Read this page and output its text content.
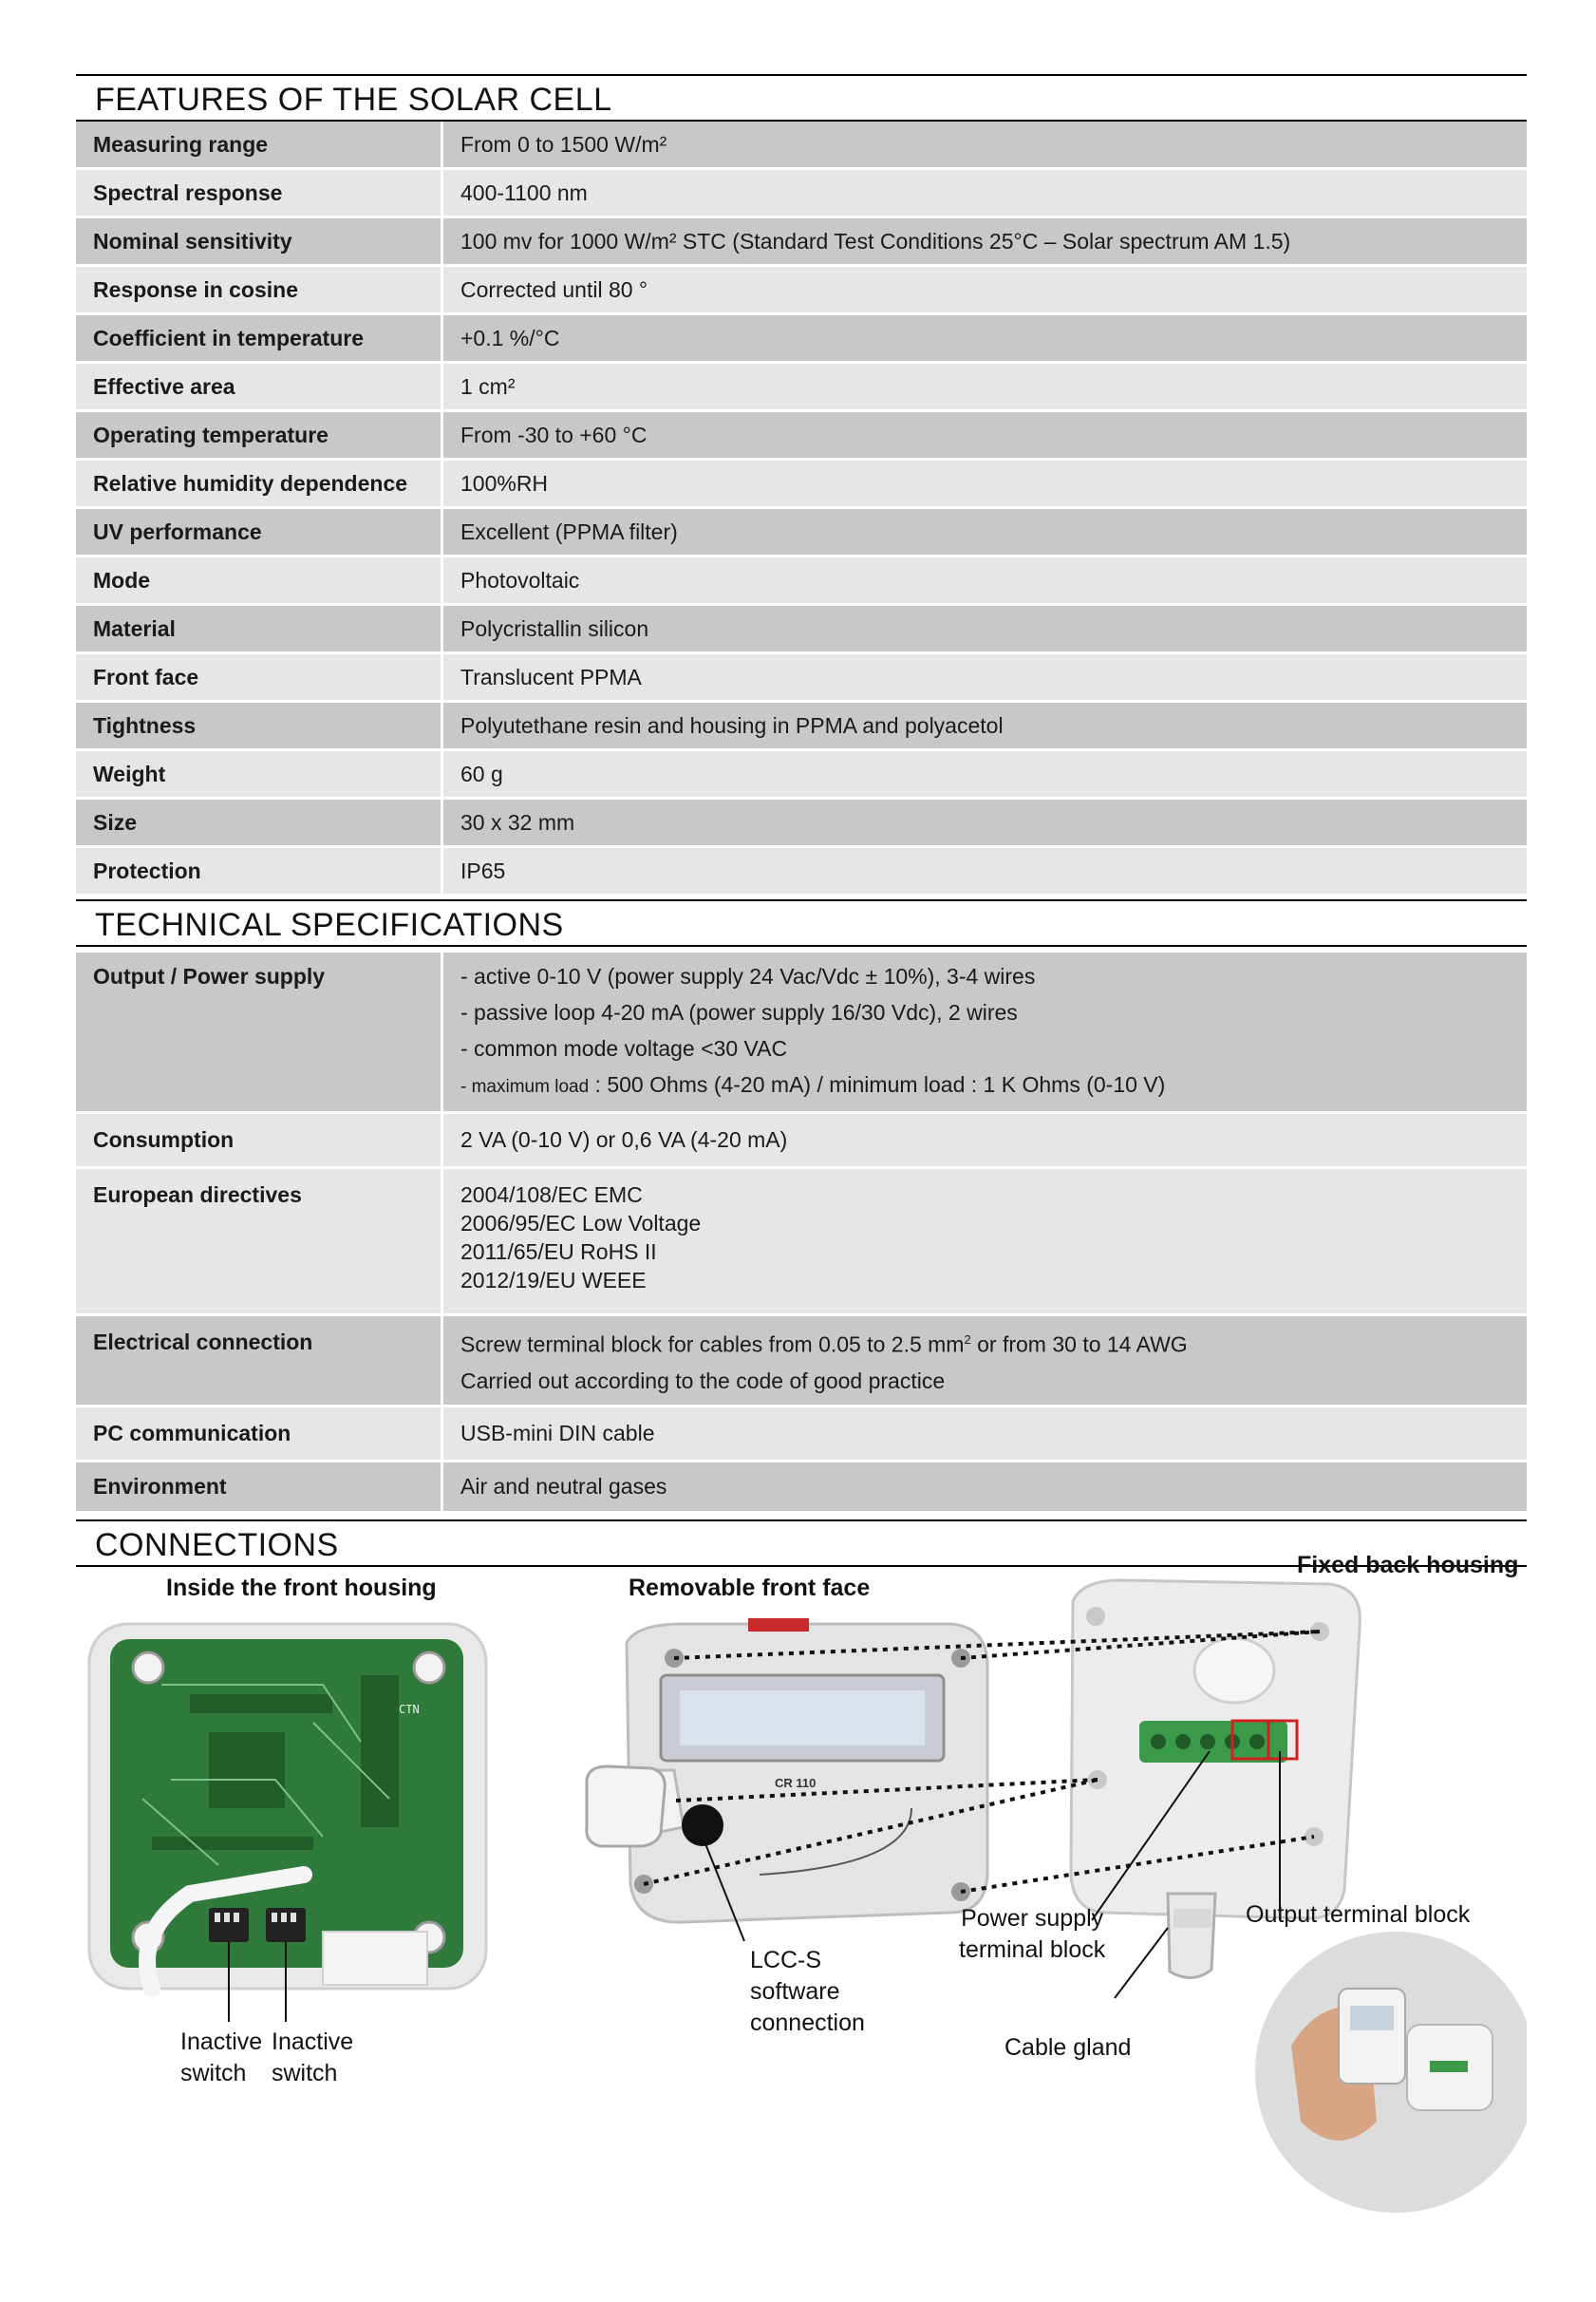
FEATURES OF THE SOLAR CELL
Measuring range	From 0 to 1500 W/m²
Spectral response	400-1100 nm
Nominal sensitivity	100 mv for 1000 W/m² STC (Standard Test Conditions 25°C – Solar spectrum AM 1.5)
Response in cosine	Corrected until 80 °
Coefficient in temperature	+0.1 %/°C
Effective area	1 cm²
Operating temperature	From -30 to +60 °C
Relative humidity dependence	100%RH
UV performance	Excellent (PPMA filter)
Mode	Photovoltaic
Material	Polycristallin silicon
Front face	Translucent PPMA
Tightness	Polyutethane resin and housing in PPMA and polyacetol
Weight	60 g
Size	30 x 32 mm
Protection	IP65
TECHNICAL SPECIFICATIONS
Output / Power supply	- active 0-10 V (power supply 24 Vac/Vdc ± 10%), 3-4 wires
- passive loop 4-20 mA (power supply 16/30 Vdc), 2 wires
- common mode voltage <30 VAC
- maximum load : 500 Ohms (4-20 mA) / minimum load : 1 K Ohms (0-10 V)

Consumption	2 VA (0-10 V) or 0,6 VA (4-20 mA)
European directives	2004/108/EC EMC
2006/95/EC Low Voltage
2011/65/EU RoHS II
2012/19/EU WEEE

Electrical connection	Screw terminal block for cables from 0.05 to 2.5 $mm^2$ or from 30 to 14 AWG
Carried out according to the code of good practice

PC communication	USB-mini DIN cable
Environment	Air and neutral gases
CONNECTIONS
Inside the front housing
CTN
CR 110
Removable front face
Fixed back housing
Inactive
switch
Inactive
switch
LCC-S
software
connection
Power supply
terminal block
Output terminal block
Cable gland
